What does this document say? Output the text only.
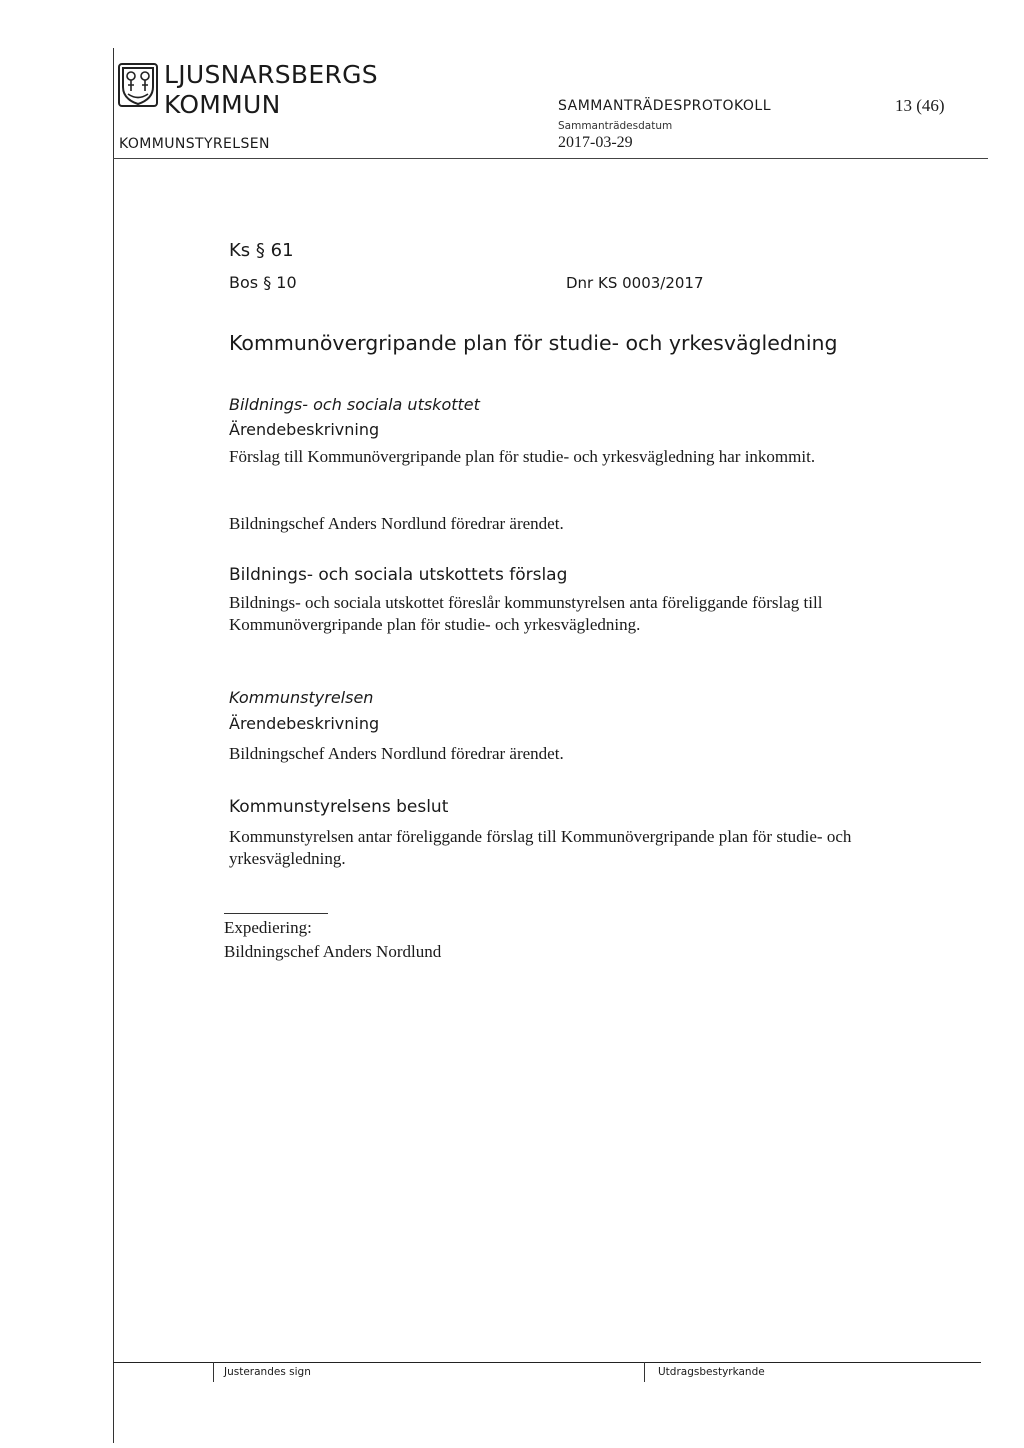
LJUSNARSBERGS
KOMMUN
KOMMUNSTYRELSEN
SAMMANTRÄDESPROTOKOLL	13 (46)
Sammanträdesdatum
2017-03-29
Ks § 61
Bos § 10	Dnr KS 0003/2017
Kommunövergripande plan för studie- och yrkesvägledning
Bildnings- och sociala utskottet
Ärendebeskrivning
Förslag till Kommunövergripande plan för studie- och yrkesvägledning har inkommit.
Bildningschef Anders Nordlund föredrar ärendet.
Bildnings- och sociala utskottets förslag
Bildnings- och sociala utskottet föreslår kommunstyrelsen anta föreliggande förslag till Kommunövergripande plan för studie- och yrkesvägledning.
Kommunstyrelsen
Ärendebeskrivning
Bildningschef Anders Nordlund föredrar ärendet.
Kommunstyrelsens beslut
Kommunstyrelsen antar föreliggande förslag till Kommunövergripande plan för studie- och yrkesvägledning.
Expediering:
Bildningschef Anders Nordlund
Justerandes sign	Utdragsbestyrkande
